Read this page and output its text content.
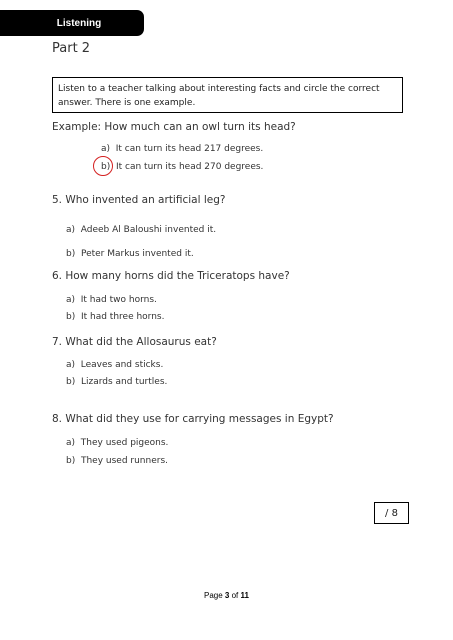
Listening
Part 2
Listen to a teacher talking about interesting facts and circle the correct answer. There is one example.
Example: How much can an owl turn its head?
a) It can turn its head 217 degrees.
b) It can turn its head 270 degrees.
5. Who invented an artificial leg?
a) Adeeb Al Baloushi invented it.
b) Peter Markus invented it.
6. How many horns did the Triceratops have?
a) It had two horns.
b) It had three horns.
7. What did the Allosaurus eat?
a) Leaves and sticks.
b) Lizards and turtles.
8. What did they use for carrying messages in Egypt?
a) They used pigeons.
b) They used runners.
/ 8
Page 3 of 11
